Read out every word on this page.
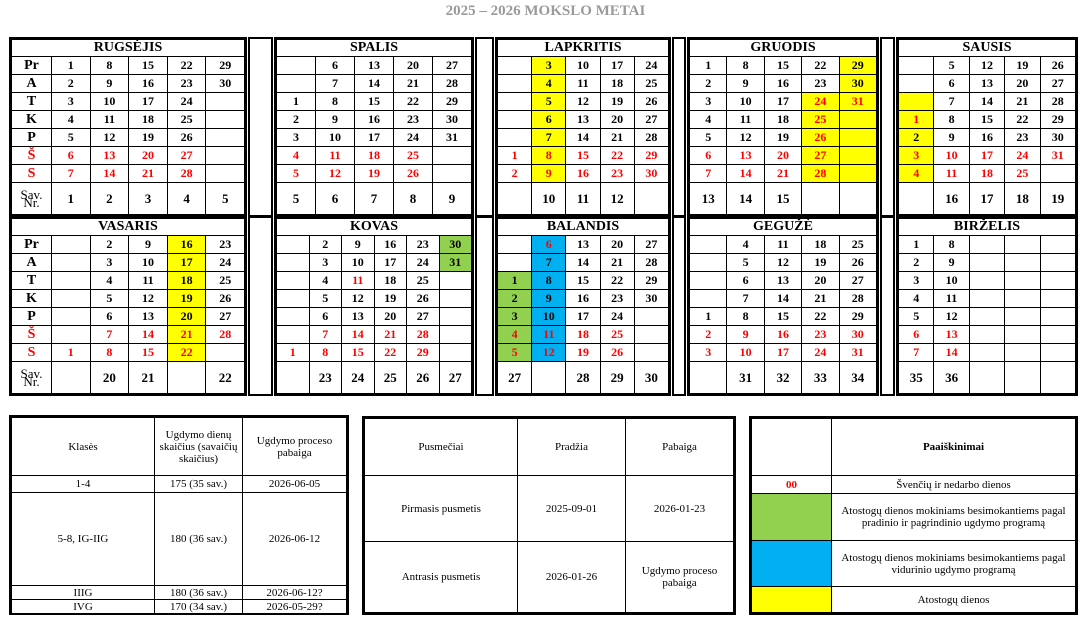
2025 – 2026 MOKSLO METAI
RUGSĖJIS					
Pr	1	8	15	22	29
A	2	9	16	23	30
T	3	10	17	24	
K	4	11	18	25	
P	5	12	19	26	
Š	6	13	20	27	
S	7	14	21	28	
Sav. Nr.	1	2	3	4	5
SPALIS				
	6	13	20	27
	7	14	21	28
1	8	15	22	29
2	9	16	23	30
3	10	17	24	31
4	11	18	25	
5	12	19	26	
5	6	7	8	9
LAPKRITIS				
	3	10	17	24
	4	11	18	25
	5	12	19	26
	6	13	20	27
	7	14	21	28
1	8	15	22	29
2	9	16	23	30
	10	11	12	
GRUODIS				
1	8	15	22	29
2	9	16	23	30
3	10	17	24	31
4	11	18	25	
5	12	19	26	
6	13	20	27	
7	14	21	28	
13	14	15		
SAUSIS				
	5	12	19	26
	6	13	20	27
	7	14	21	28
1	8	15	22	29
2	9	16	23	30
3	10	17	24	31
4	11	18	25	
	16	17	18	19
VASARIS					
Pr		2	9	16	23
A		3	10	17	24
T		4	11	18	25
K		5	12	19	26
P		6	13	20	27
Š		7	14	21	28
S	1	8	15	22	
Sav. Nr.		20	21		22
KOVAS					
	2	9	16	23	30
	3	10	17	24	31
	4	11	18	25	
	5	12	19	26	
	6	13	20	27	
	7	14	21	28	
1	8	15	22	29	
	23	24	25	26	27
BALANDIS				
	6	13	20	27
	7	14	21	28
1	8	15	22	29
2	9	16	23	30
3	10	17	24	
4	11	18	25	
5	12	19	26	
27		28	29	30
GEGUŽĖ				
	4	11	18	25
	5	12	19	26
	6	13	20	27
	7	14	21	28
1	8	15	22	29
2	9	16	23	30
3	10	17	24	31
	31	32	33	34
BIRŽELIS				
1	8			
2	9			
3	10			
4	11			
5	12			
6	13			
7	14			
35	36			
Klasės	Ugdymo dienų skaičius (savaičių skaičius)	Ugdymo proceso pabaiga
1-4	175 (35 sav.)	2026-06-05
5-8, IG-IIG	180 (36 sav.)	2026-06-12
IIIG	180 (36 sav.)	2026-06-12?
IVG	170 (34 sav.)	2026-05-29?
Pusmečiai	Pradžia	Pabaiga
Pirmasis pusmetis	2025-09-01	2026-01-23
Antrasis pusmetis	2026-01-26	Ugdymo proceso pabaiga
	Paaiškinimai
00	Švenčių ir nedarbo dienos
	Atostogų dienos mokiniams besimokantiems pagal pradinio ir pagrindinio ugdymo programą
	Atostogų dienos mokiniams besimokantiems pagal vidurinio ugdymo programą
	Atostogų dienos
